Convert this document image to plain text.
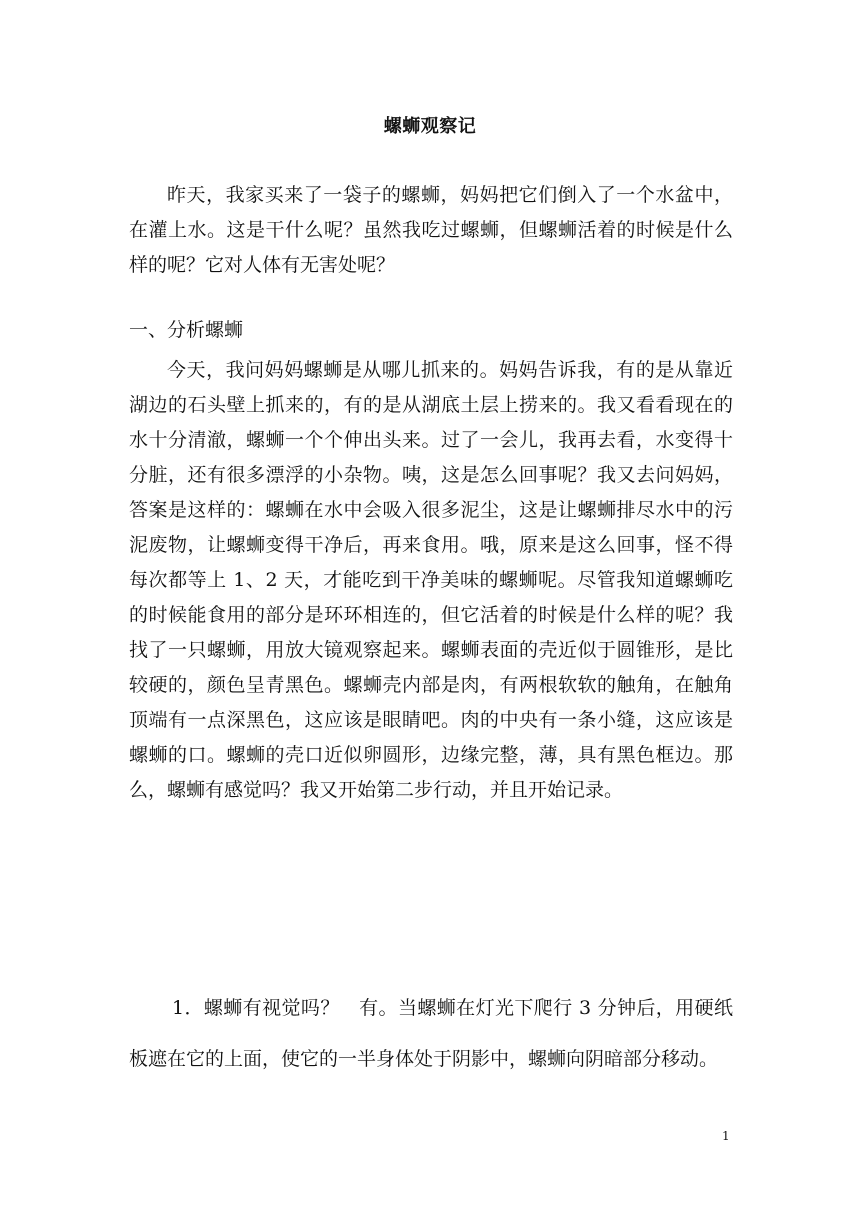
螺蛳观察记
昨天，我家买来了一袋子的螺蛳，妈妈把它们倒入了一个水盆中，在灌上水。这是干什么呢？虽然我吃过螺蛳，但螺蛳活着的时候是什么样的呢？它对人体有无害处呢？
一、分析螺蛳
今天，我问妈妈螺蛳是从哪儿抓来的。妈妈告诉我，有的是从靠近湖边的石头壁上抓来的，有的是从湖底土层上捞来的。我又看看现在的水十分清澈，螺蛳一个个伸出头来。过了一会儿，我再去看，水变得十分脏，还有很多漂浮的小杂物。咦，这是怎么回事呢？我又去问妈妈，答案是这样的：螺蛳在水中会吸入很多泥尘，这是让螺蛳排尽水中的污泥废物，让螺蛳变得干净后，再来食用。哦，原来是这么回事，怪不得每次都等上 1、2 天，才能吃到干净美味的螺蛳呢。尽管我知道螺蛳吃的时候能食用的部分是环环相连的，但它活着的时候是什么样的呢？我找了一只螺蛳，用放大镜观察起来。螺蛳表面的壳近似于圆锥形，是比较硬的，颜色呈青黑色。螺蛳壳内部是肉，有两根软软的触角，在触角顶端有一点深黑色，这应该是眼睛吧。肉的中央有一条小缝，这应该是螺蛳的口。螺蛳的壳口近似卵圆形，边缘完整，薄，具有黑色框边。那么，螺蛳有感觉吗？我又开始第二步行动，并且开始记录。
1．螺蛳有视觉吗？　有。当螺蛳在灯光下爬行 3 分钟后，用硬纸板遮在它的上面，使它的一半身体处于阴影中，螺蛳向阴暗部分移动。
1
